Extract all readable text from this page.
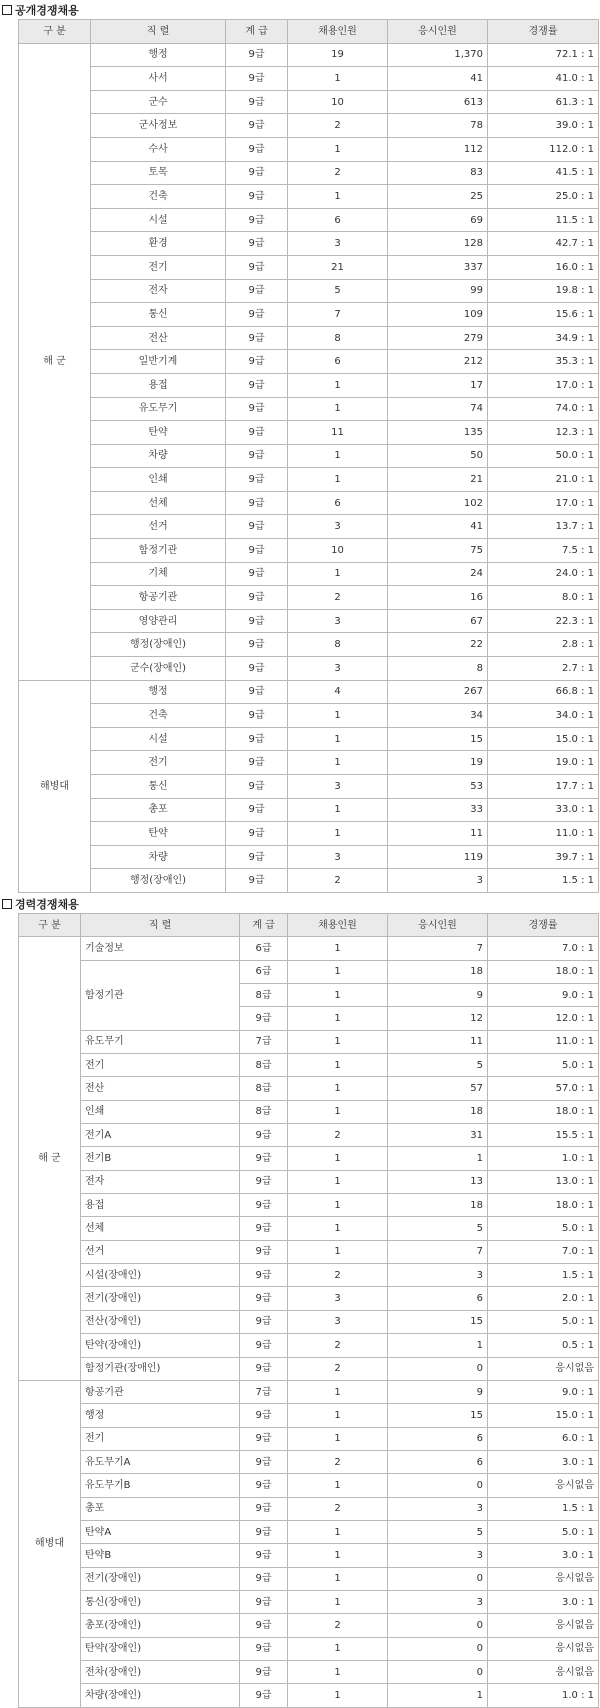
공개경쟁채용
구 분	직 렬	계 급	채용인원	응시인원	경쟁률
해 군	행정	9급	19	1,370	72.1 : 1
	사서	9급	1	41	41.0 : 1
	군수	9급	10	613	61.3 : 1
	군사정보	9급	2	78	39.0 : 1
	수사	9급	1	112	112.0 : 1
	토목	9급	2	83	41.5 : 1
	건축	9급	1	25	25.0 : 1
	시설	9급	6	69	11.5 : 1
	환경	9급	3	128	42.7 : 1
	전기	9급	21	337	16.0 : 1
	전자	9급	5	99	19.8 : 1
	통신	9급	7	109	15.6 : 1
	전산	9급	8	279	34.9 : 1
	일반기계	9급	6	212	35.3 : 1
	용접	9급	1	17	17.0 : 1
	유도무기	9급	1	74	74.0 : 1
	탄약	9급	11	135	12.3 : 1
	차량	9급	1	50	50.0 : 1
	인쇄	9급	1	21	21.0 : 1
	선체	9급	6	102	17.0 : 1
	선거	9급	3	41	13.7 : 1
	함정기관	9급	10	75	7.5 : 1
	기체	9급	1	24	24.0 : 1
	항공기관	9급	2	16	8.0 : 1
	영양관리	9급	3	67	22.3 : 1
	행정(장애인)	9급	8	22	2.8 : 1
	군수(장애인)	9급	3	8	2.7 : 1
해병대	행정	9급	4	267	66.8 : 1
	건축	9급	1	34	34.0 : 1
	시설	9급	1	15	15.0 : 1
	전기	9급	1	19	19.0 : 1
	통신	9급	3	53	17.7 : 1
	총포	9급	1	33	33.0 : 1
	탄약	9급	1	11	11.0 : 1
	차량	9급	3	119	39.7 : 1
	행정(장애인)	9급	2	3	1.5 : 1
경력경쟁채용
구 분	직 렬	계 급	채용인원	응시인원	경쟁률
해 군	기술정보	6급	1	7	7.0 : 1
	함정기관	6급	1	18	18.0 : 1
		8급	1	9	9.0 : 1
		9급	1	12	12.0 : 1
	유도무기	7급	1	11	11.0 : 1
	전기	8급	1	5	5.0 : 1
	전산	8급	1	57	57.0 : 1
	인쇄	8급	1	18	18.0 : 1
	전기A	9급	2	31	15.5 : 1
	전기B	9급	1	1	1.0 : 1
	전자	9급	1	13	13.0 : 1
	용접	9급	1	18	18.0 : 1
	선체	9급	1	5	5.0 : 1
	선거	9급	1	7	7.0 : 1
	시설(장애인)	9급	2	3	1.5 : 1
	전기(장애인)	9급	3	6	2.0 : 1
	전산(장애인)	9급	3	15	5.0 : 1
	탄약(장애인)	9급	2	1	0.5 : 1
	함정기관(장애인)	9급	2	0	응시없음
해병대	항공기관	7급	1	9	9.0 : 1
	행정	9급	1	15	15.0 : 1
	전기	9급	1	6	6.0 : 1
	유도무기A	9급	2	6	3.0 : 1
	유도무기B	9급	1	0	응시없음
	총포	9급	2	3	1.5 : 1
	탄약A	9급	1	5	5.0 : 1
	탄약B	9급	1	3	3.0 : 1
	전기(장애인)	9급	1	0	응시없음
	통신(장애인)	9급	1	3	3.0 : 1
	총포(장애인)	9급	2	0	응시없음
	탄약(장애인)	9급	1	0	응시없음
	전차(장애인)	9급	1	0	응시없음
	차량(장애인)	9급	1	1	1.0 : 1
